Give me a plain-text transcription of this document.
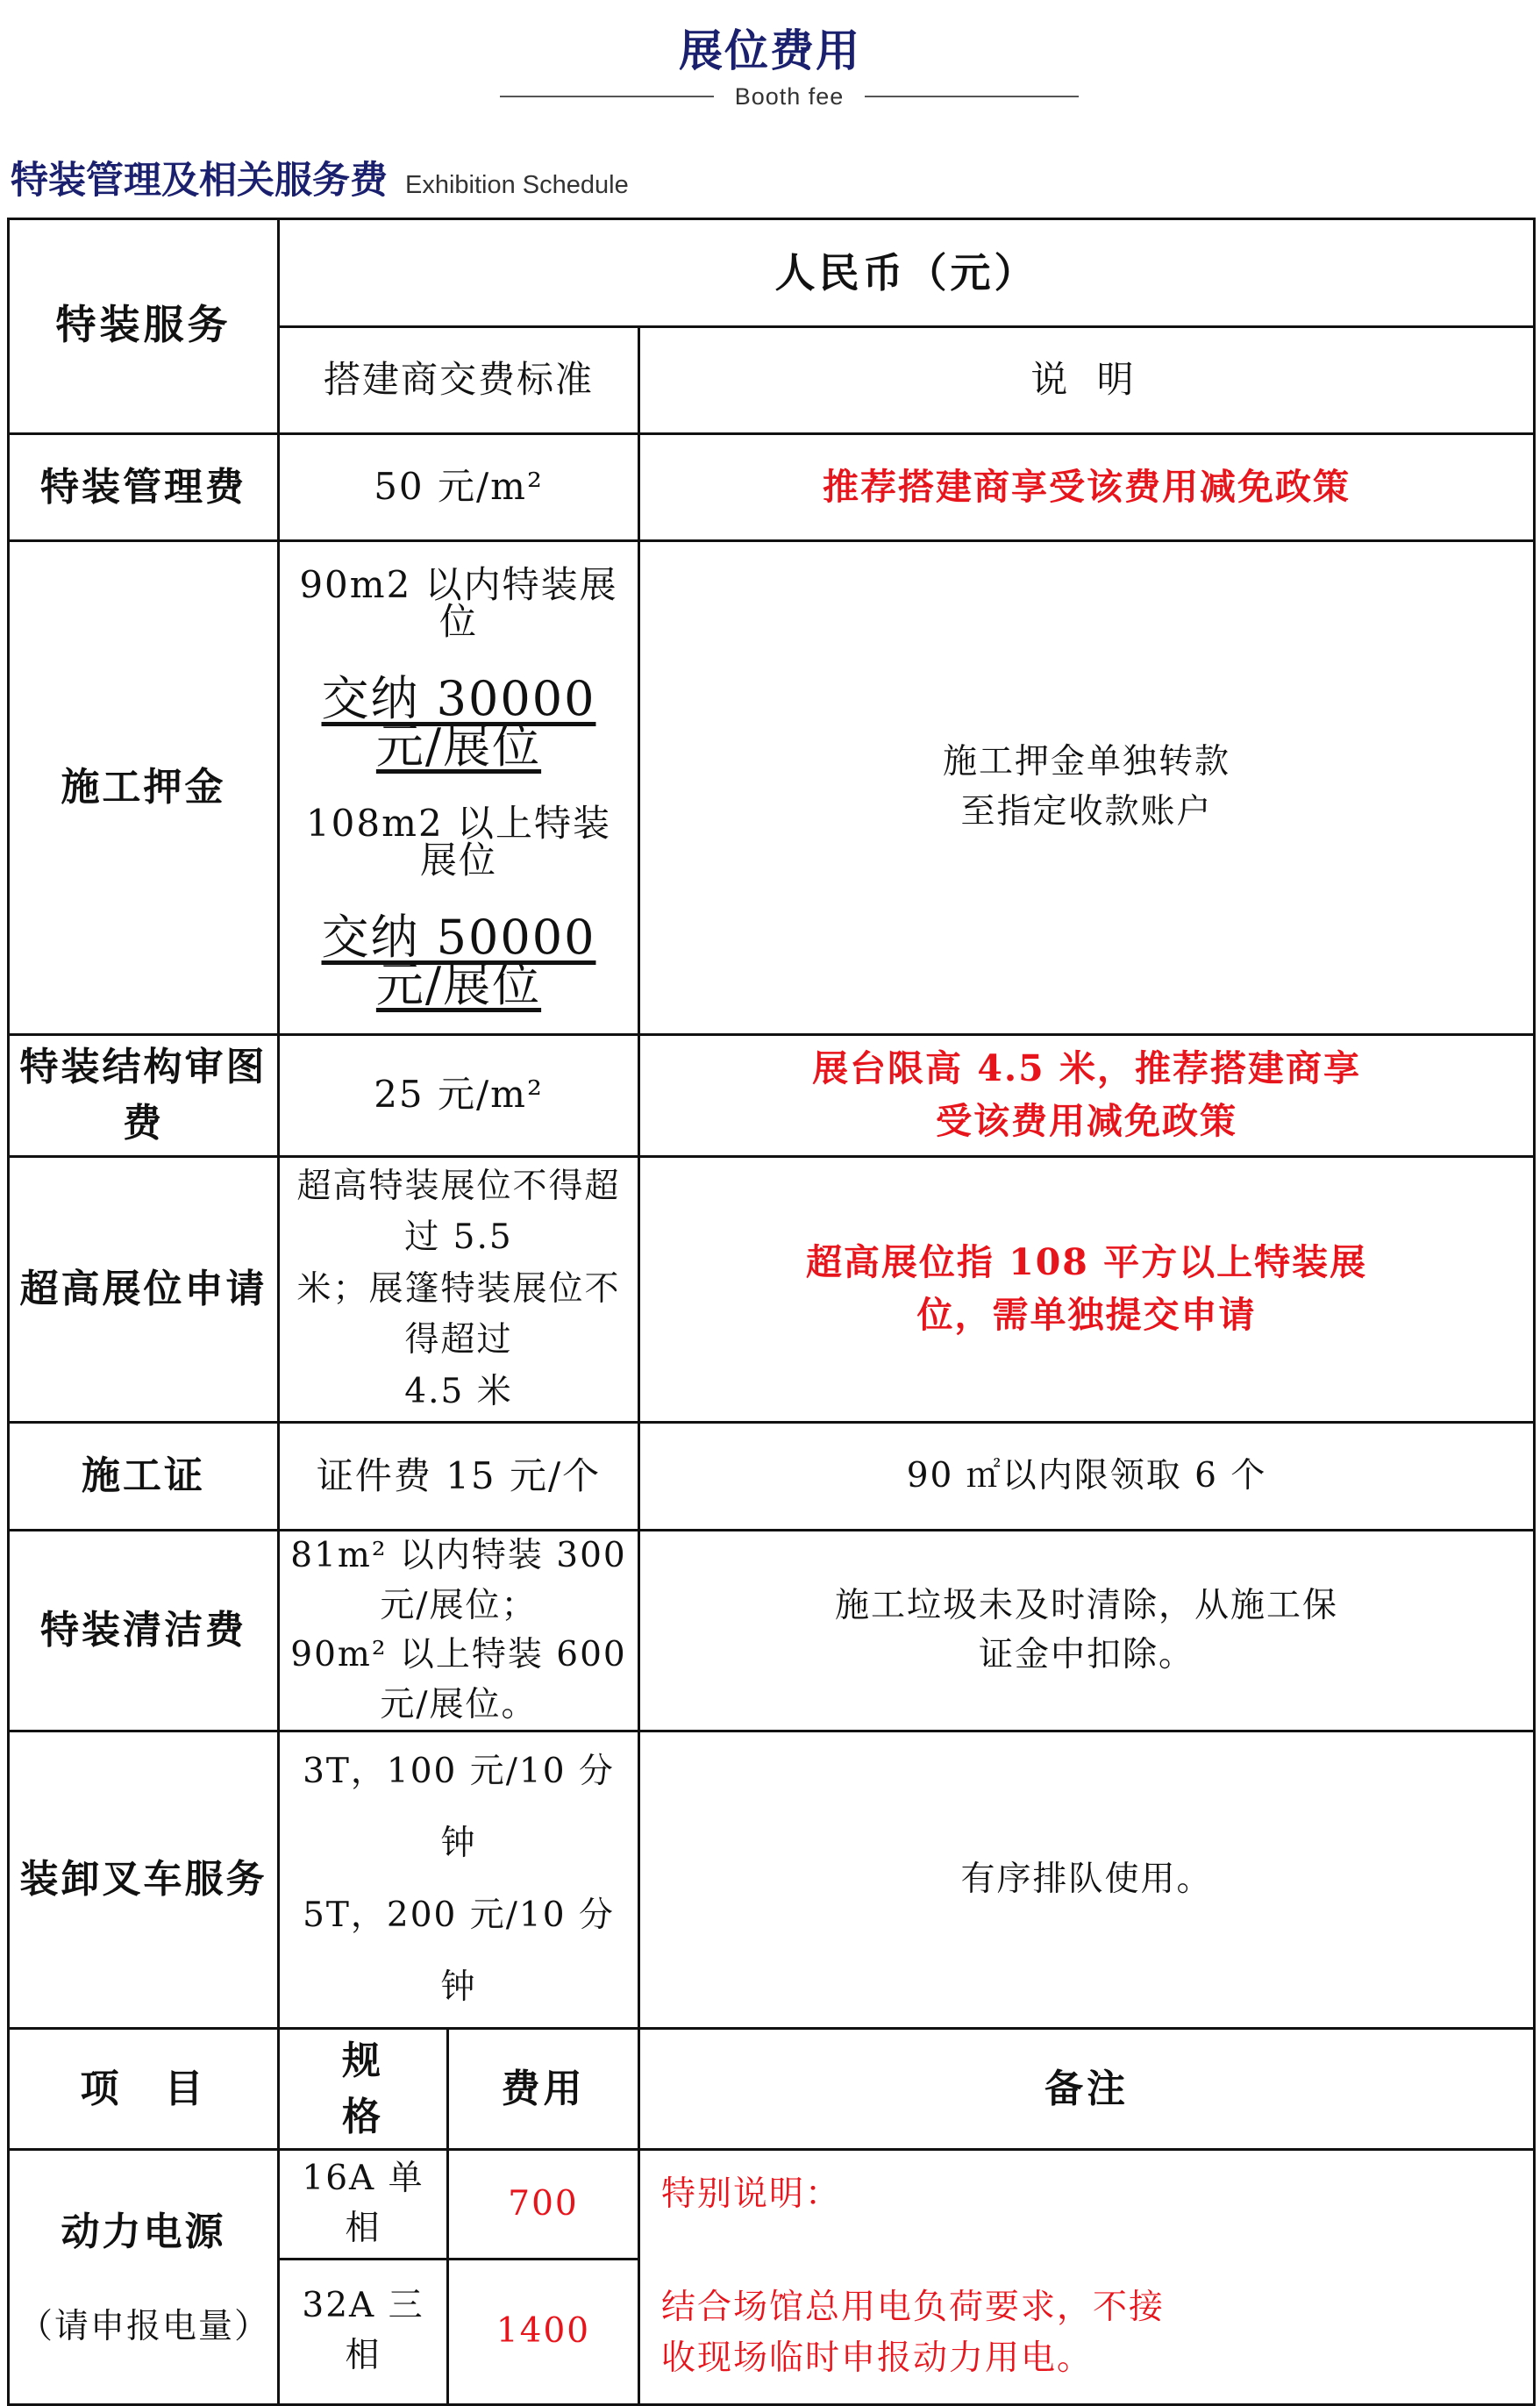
展位费用
Booth fee
特装管理及相关服务费 Exhibition Schedule
特装服务	人民币（元）		
	搭建商交费标准		说 明
特装管理费	50 元/m²		推荐搭建商享受该费用减免政策

施工押金	90m2 以内特装展位
交纳 30000 元/展位
108m2 以上特装展位
交纳 50000 元/展位		施工押金单独转款
至指定收款账户

特装结构审图费	25 元/m²		展台限高 4.5 米，推荐搭建商享
受该费用减免政策

超高展位申请	超高特装展位不得超过 5.5
米；展篷特装展位不得超过
4.5 米		超高展位指 108 平方以上特装展
位，需单独提交申请

施工证	证件费 15 元/个		90 ㎡以内限领取 6 个

特装清洁费	81m² 以内特装 300 元/展位；
90m² 以上特装 600 元/展位。		施工垃圾未及时清除，从施工保
证金中扣除。

装卸叉车服务	3T，100 元/10 分钟
5T，200 元/10 分钟		有序排队使用。

项　目	规　　格	费用	备注

动力电源
（请申报电量）	16A 单相	700	特别说明：
结合场馆总用电负荷要求，不接
收现场临时申报动力用电。

	32A 三相	1400	
